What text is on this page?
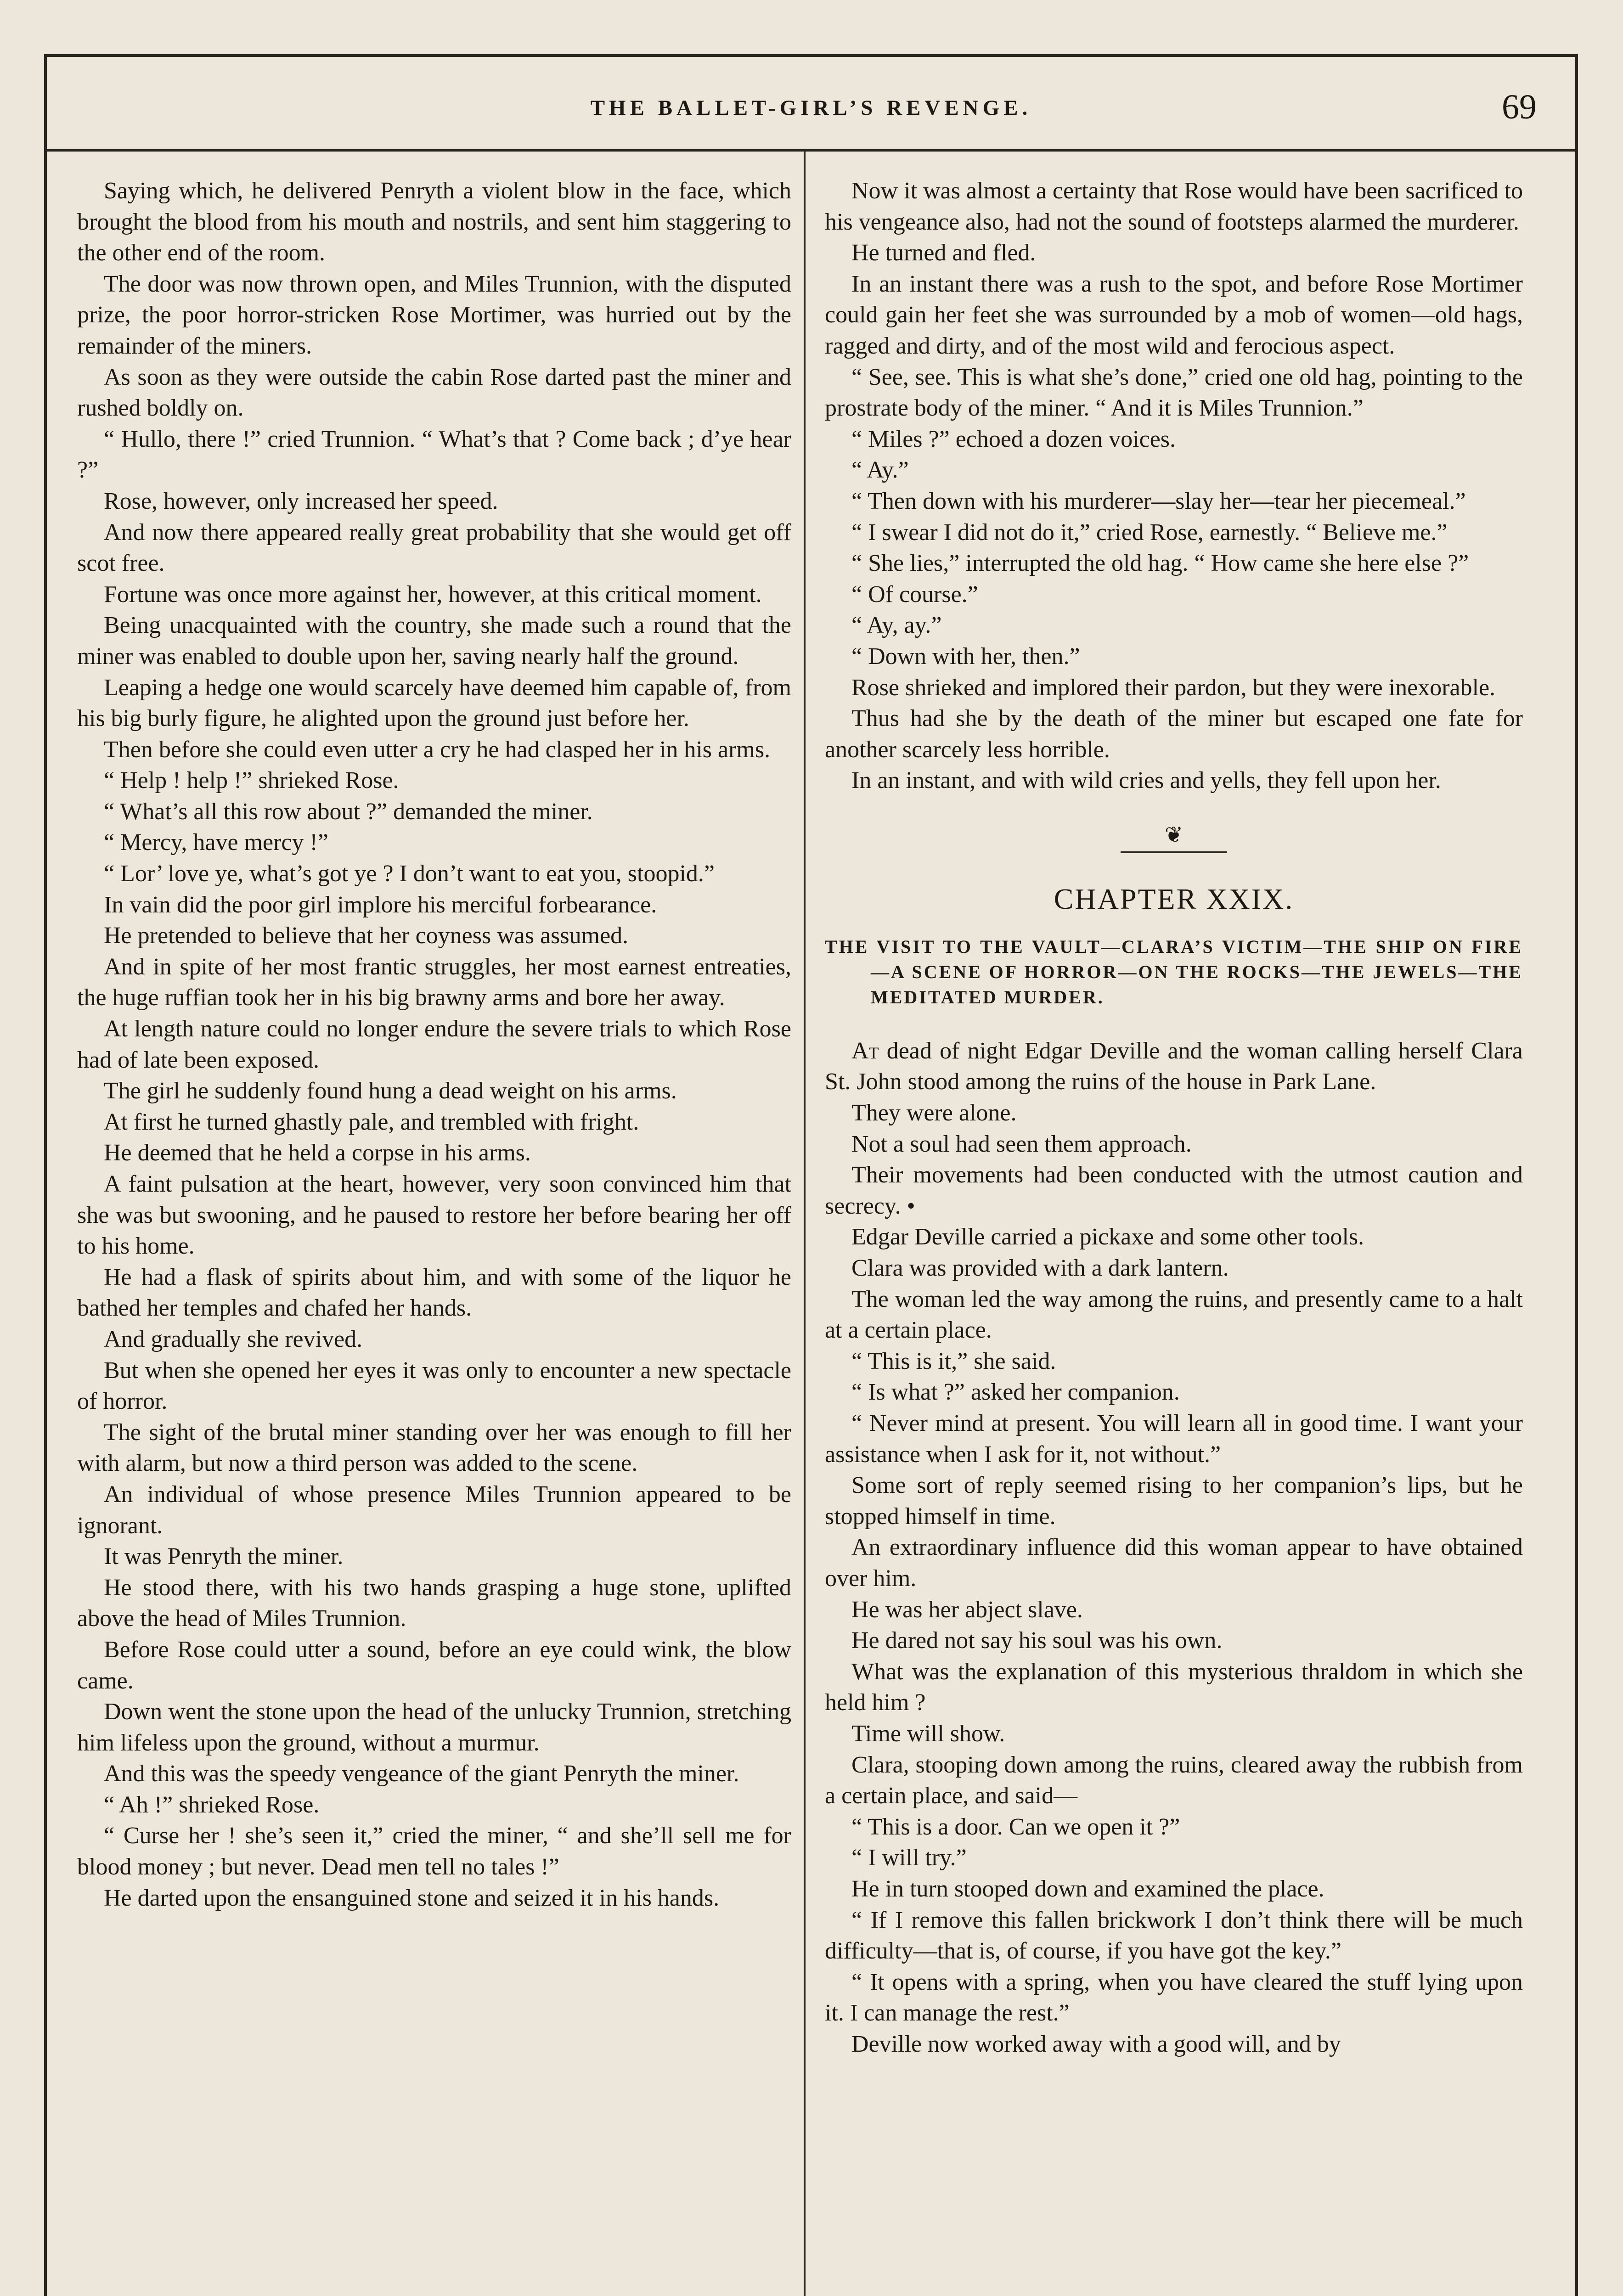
THE BALLET-GIRL’S REVENGE.	69

Saying which, he delivered Penryth a violent blow in the face, which brought the blood from his mouth and nostrils, and sent him staggering to the other end of the room.

The door was now thrown open, and Miles Trunnion, with the disputed prize, the poor horror-stricken Rose Mortimer, was hurried out by the remainder of the miners.

As soon as they were outside the cabin Rose darted past the miner and rushed boldly on.

“ Hullo, there !” cried Trunnion. “ What’s that ? Come back ; d’ye hear ?”

Rose, however, only increased her speed.

And now there appeared really great probability that she would get off scot free.

Fortune was once more against her, however, at this critical moment.

Being unacquainted with the country, she made such a round that the miner was enabled to double upon her, saving nearly half the ground.

Leaping a hedge one would scarcely have deemed him capable of, from his big burly figure, he alighted upon the ground just before her.

Then before she could even utter a cry he had clasped her in his arms.

“ Help ! help !” shrieked Rose.

“ What’s all this row about ?” demanded the miner.

“ Mercy, have mercy !”

“ Lor’ love ye, what’s got ye ? I don’t want to eat you, stoopid.”

In vain did the poor girl implore his merciful forbearance.

He pretended to believe that her coyness was assumed.

And in spite of her most frantic struggles, her most earnest entreaties, the huge ruffian took her in his big brawny arms and bore her away.

At length nature could no longer endure the severe trials to which Rose had of late been exposed.

The girl he suddenly found hung a dead weight on his arms.

At first he turned ghastly pale, and trembled with fright.

He deemed that he held a corpse in his arms.

A faint pulsation at the heart, however, very soon convinced him that she was but swooning, and he paused to restore her before bearing her off to his home.

He had a flask of spirits about him, and with some of the liquor he bathed her temples and chafed her hands.

And gradually she revived.

But when she opened her eyes it was only to encounter a new spectacle of horror.

The sight of the brutal miner standing over her was enough to fill her with alarm, but now a third person was added to the scene.

An individual of whose presence Miles Trunnion appeared to be ignorant.

It was Penryth the miner.

He stood there, with his two hands grasping a huge stone, uplifted above the head of Miles Trunnion.

Before Rose could utter a sound, before an eye could wink, the blow came.

Down went the stone upon the head of the unlucky Trunnion, stretching him lifeless upon the ground, without a murmur.

And this was the speedy vengeance of the giant Penryth the miner.

“ Ah !” shrieked Rose.

“ Curse her ! she’s seen it,” cried the miner, “ and she’ll sell me for blood money ; but never. Dead men tell no tales !”

He darted upon the ensanguined stone and seized it in his hands.

Now it was almost a certainty that Rose would have been sacrificed to his vengeance also, had not the sound of footsteps alarmed the murderer.

He turned and fled.

In an instant there was a rush to the spot, and before Rose Mortimer could gain her feet she was surrounded by a mob of women—old hags, ragged and dirty, and of the most wild and ferocious aspect.

“ See, see. This is what she’s done,” cried one old hag, pointing to the prostrate body of the miner. “ And it is Miles Trunnion.”

“ Miles ?” echoed a dozen voices.

“ Ay.”

“ Then down with his murderer—slay her—tear her piecemeal.”

“ I swear I did not do it,” cried Rose, earnestly. “ Believe me.”

“ She lies,” interrupted the old hag. “ How came she here else ?”

“ Of course.”

“ Ay, ay.”

“ Down with her, then.”

Rose shrieked and implored their pardon, but they were inexorable.

Thus had she by the death of the miner but escaped one fate for another scarcely less horrible.

In an instant, and with wild cries and yells, they fell upon her.

❦
CHAPTER XXIX.
THE VISIT TO THE VAULT—CLARA’S VICTIM—THE SHIP ON FIRE—A SCENE OF HORROR—ON THE ROCKS—THE JEWELS—THE MEDITATED MURDER.

At dead of night Edgar Deville and the woman calling herself Clara St. John stood among the ruins of the house in Park Lane.

They were alone.

Not a soul had seen them approach.

Their movements had been conducted with the utmost caution and secrecy. •

Edgar Deville carried a pickaxe and some other tools.

Clara was provided with a dark lantern.

The woman led the way among the ruins, and presently came to a halt at a certain place.

“ This is it,” she said.

“ Is what ?” asked her companion.

“ Never mind at present. You will learn all in good time. I want your assistance when I ask for it, not without.”

Some sort of reply seemed rising to her companion’s lips, but he stopped himself in time.

An extraordinary influence did this woman appear to have obtained over him.

He was her abject slave.

He dared not say his soul was his own.

What was the explanation of this mysterious thraldom in which she held him ?

Time will show.

Clara, stooping down among the ruins, cleared away the rubbish from a certain place, and said—

“ This is a door. Can we open it ?”

“ I will try.”

He in turn stooped down and examined the place.

“ If I remove this fallen brickwork I don’t think there will be much difficulty—that is, of course, if you have got the key.”

“ It opens with a spring, when you have cleared the stuff lying upon it. I can manage the rest.”

Deville now worked away with a good will, and by
